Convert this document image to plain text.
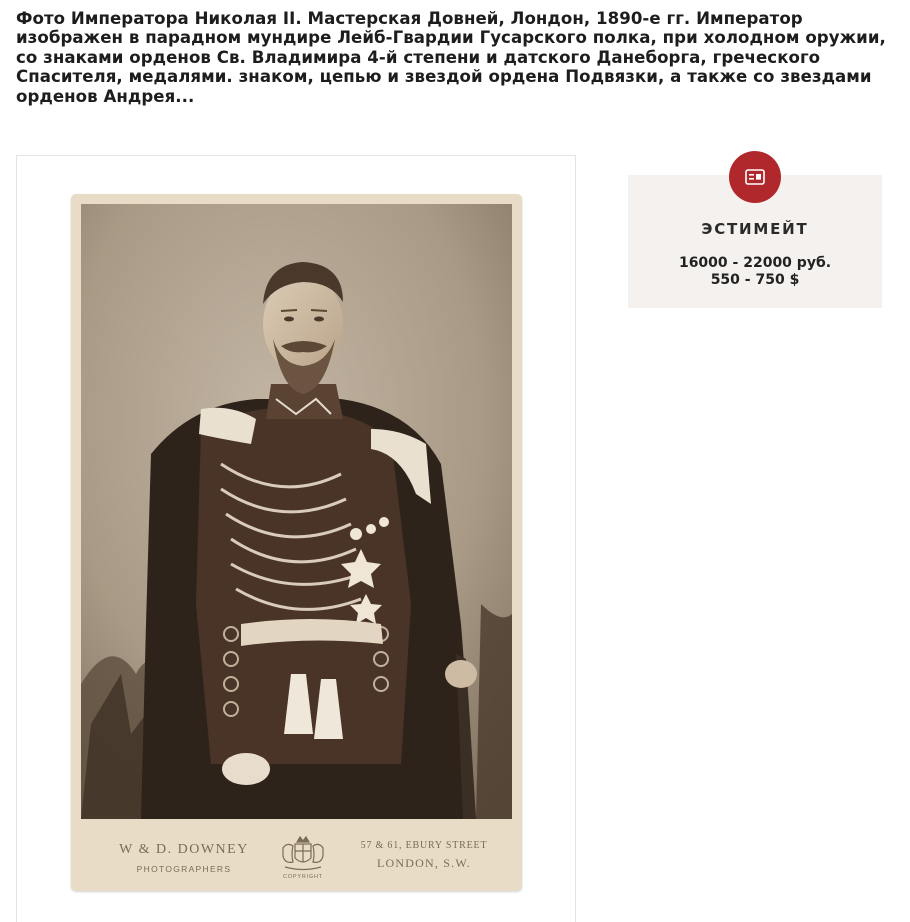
Фото Императора Николая II. Мастерская Довней, Лондон, 1890-е гг. Император изображен в парадном мундире Лейб-Гвардии Гусарского полка, при холодном оружии, со знаками орденов Св. Владимира 4-й степени и датского Данеборга, греческого Спасителя, медалями. знаком, цепью и звездой ордена Подвязки, а также со звездами орденов Андрея...
W & D. DOWNEY
PHOTOGRAPHERS
COPYRIGHT
57 & 61, EBURY STREET
LONDON, S.W.
ЭСТИМЕЙТ
16000 - 22000 руб.
550 - 750 $
